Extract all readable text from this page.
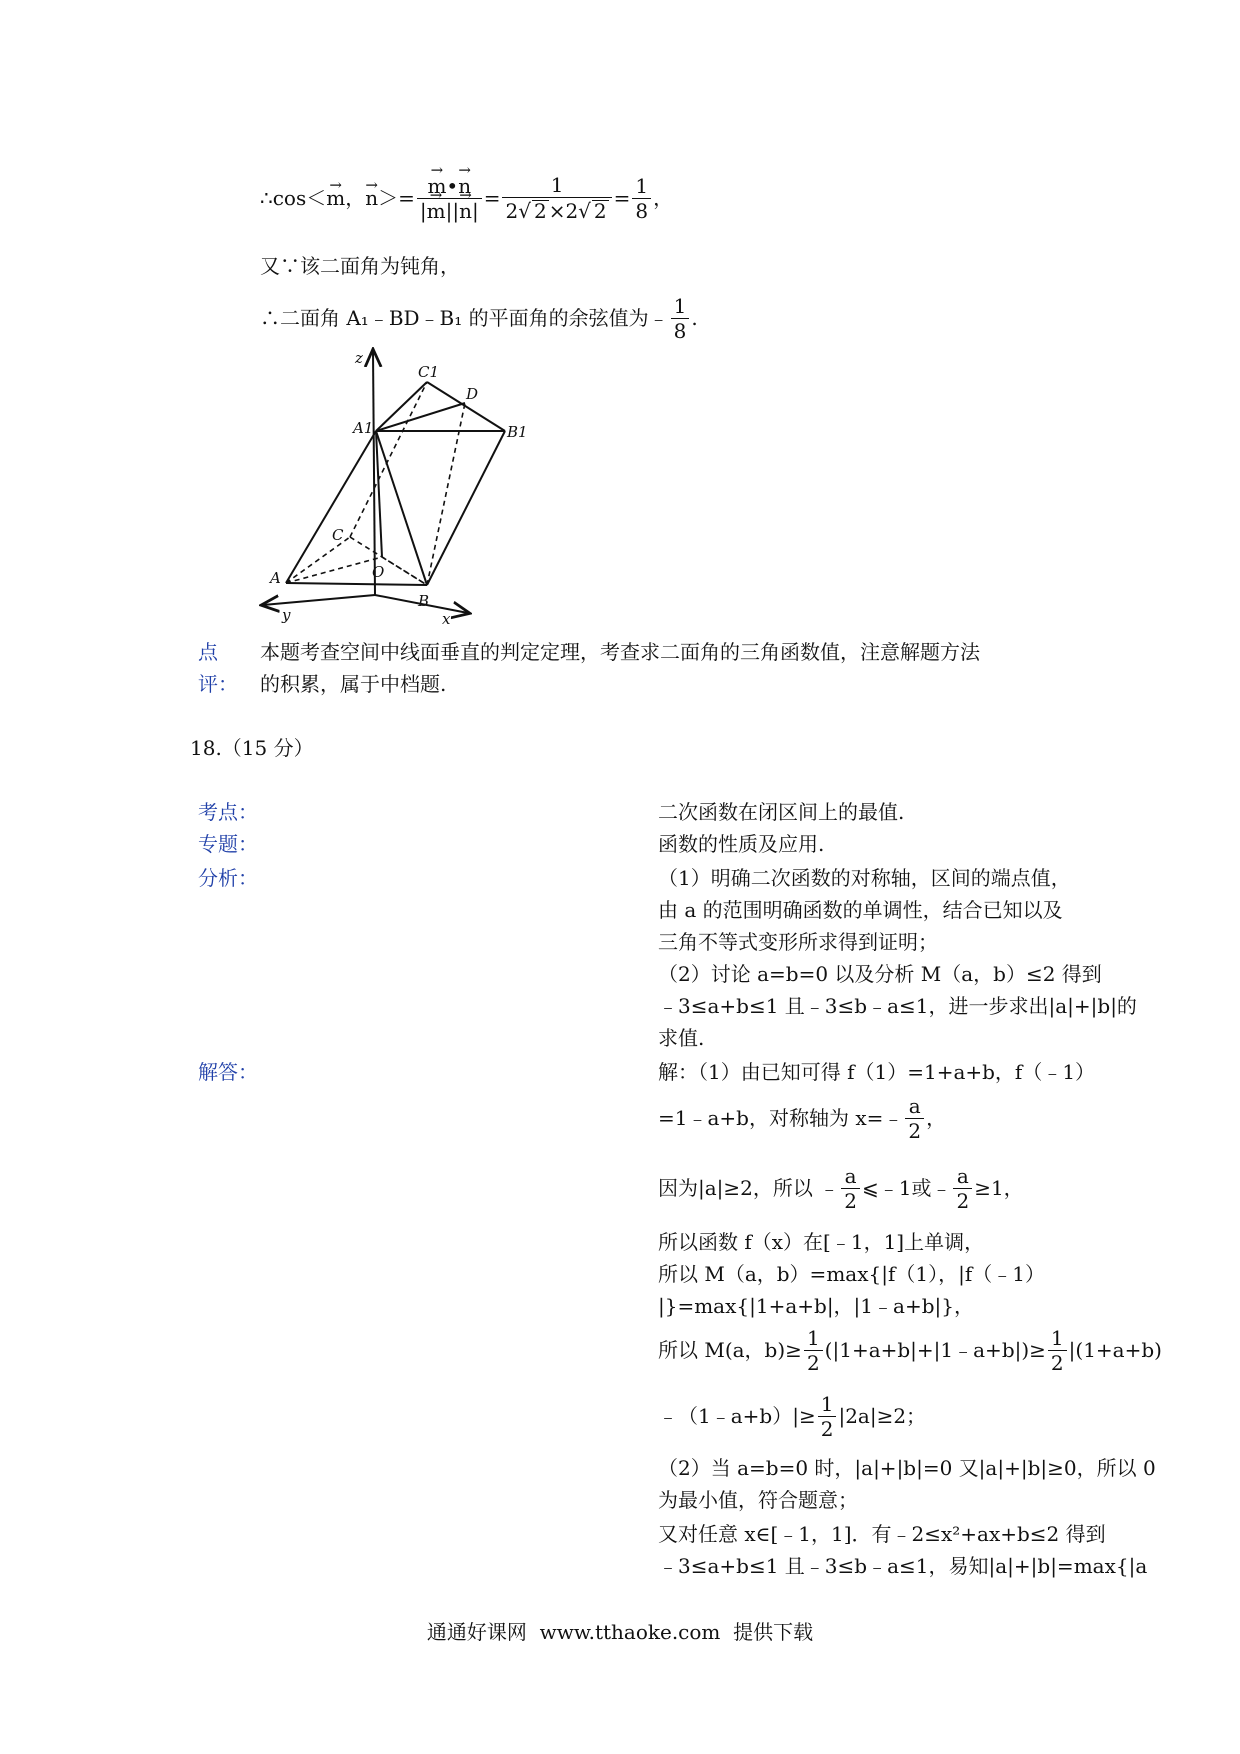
∴cos＜ → m ， → n ＞= → $\frac{m•\to n}{|\to m||\to n|} = \frac{1}{2√ 2 \times 2√ 2} = \frac{1}{8}$ ，
又∵该二面角为钝角，
∴二面角 A₁﹣BD﹣B₁ 的平面角的余弦值为﹣ $\frac{1}{8}$ .
z
C1
D
A1	B1
C
O
A
B
y	x
点
评：
本题考查空间中线面垂直的判定定理，考查求二面角的三角函数值，注意解题方法
的积累，属于中档题.
18.（15 分）
考点：	二次函数在闭区间上的最值.
专题：	函数的性质及应用.
分析：	（1）明确二次函数的对称轴，区间的端点值，
由 a 的范围明确函数的单调性，结合已知以及
三角不等式变形所求得到证明；
（2）讨论 a=b=0 以及分析 M（a，b）≤2 得到
﹣3≤a+b≤1 且﹣3≤b﹣a≤1，进一步求出|a|+|b|的
求值.
解答：	解：（1）由已知可得 f（1）=1+a+b，f（﹣1）
=1﹣a+b，对称轴为 x=﹣ $\frac{a}{2}$ ，
因为|a|≥2，所以 ﹣ $\frac{a}{2}$ ⩽﹣1或﹣ $\frac{a}{2} \ge 1$，
所以函数 f（x）在[﹣1，1]上单调，
所以 M（a，b）=max{|f（1），|f（﹣1）
|}=max{|1+a+b|，|1﹣a+b|}，
所以 M(a，$b)\ge \frac{1}{2}$ (|1+a+b|+|1﹣a+b|)≥ $\frac{1}{2} |(1+a+b)$
﹣（1﹣a+b）|≥ $\frac{1}{2} |2a|\ge 2$；
（2）当 a=b=0 时，|a|+|b|=0 又|a|+|b|≥0，所以 0
为最小值，符合题意；
又对任意 x∈[﹣1，1]．有﹣2≤x²+ax+b≤2 得到
﹣3≤a+b≤1 且﹣3≤b﹣a≤1，易知|a|+|b|=max{|a
通通好课网  www.tthaoke.com  提供下载
